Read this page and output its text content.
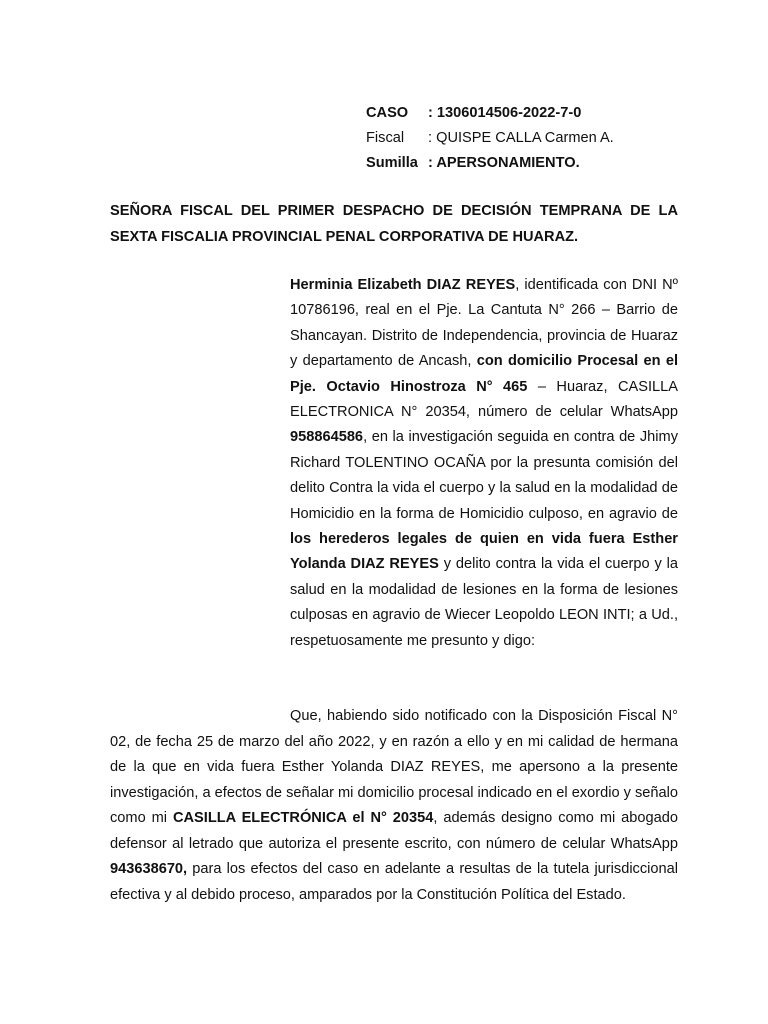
CASO	: 1306014506-2022-7-0
Fiscal	: QUISPE CALLA Carmen A.
Sumilla : APERSONAMIENTO.
SEÑORA FISCAL DEL PRIMER DESPACHO DE DECISIÓN TEMPRANA DE LA SEXTA FISCALIA PROVINCIAL PENAL CORPORATIVA DE HUARAZ.
Herminia Elizabeth DIAZ REYES, identificada con DNI Nº 10786196, real en el Pje. La Cantuta N° 266 – Barrio de Shancayan. Distrito de Independencia, provincia de Huaraz y departamento de Ancash, con domicilio Procesal en el Pje. Octavio Hinostroza N° 465 – Huaraz, CASILLA ELECTRONICA N° 20354, número de celular WhatsApp 958864586, en la investigación seguida en contra de Jhimy Richard TOLENTINO OCAÑA por la presunta comisión del delito Contra la vida el cuerpo y la salud en la modalidad de Homicidio en la forma de Homicidio culposo, en agravio de los herederos legales de quien en vida fuera Esther Yolanda DIAZ REYES y delito contra la vida el cuerpo y la salud en la modalidad de lesiones en la forma de lesiones culposas en agravio de Wiecer Leopoldo LEON INTI; a Ud., respetuosamente me presunto y digo:
Que, habiendo sido notificado con la Disposición Fiscal N° 02, de fecha 25 de marzo del año 2022, y en razón a ello y en mi calidad de hermana de la que en vida fuera Esther Yolanda DIAZ REYES, me apersono a la presente investigación, a efectos de señalar mi domicilio procesal indicado en el exordio y señalo como mi CASILLA ELECTRÓNICA el N° 20354, además designo como mi abogado defensor al letrado que autoriza el presente escrito, con número de celular WhatsApp 943638670, para los efectos del caso en adelante a resultas de la tutela jurisdiccional efectiva y al debido proceso, amparados por la Constitución Política del Estado.
